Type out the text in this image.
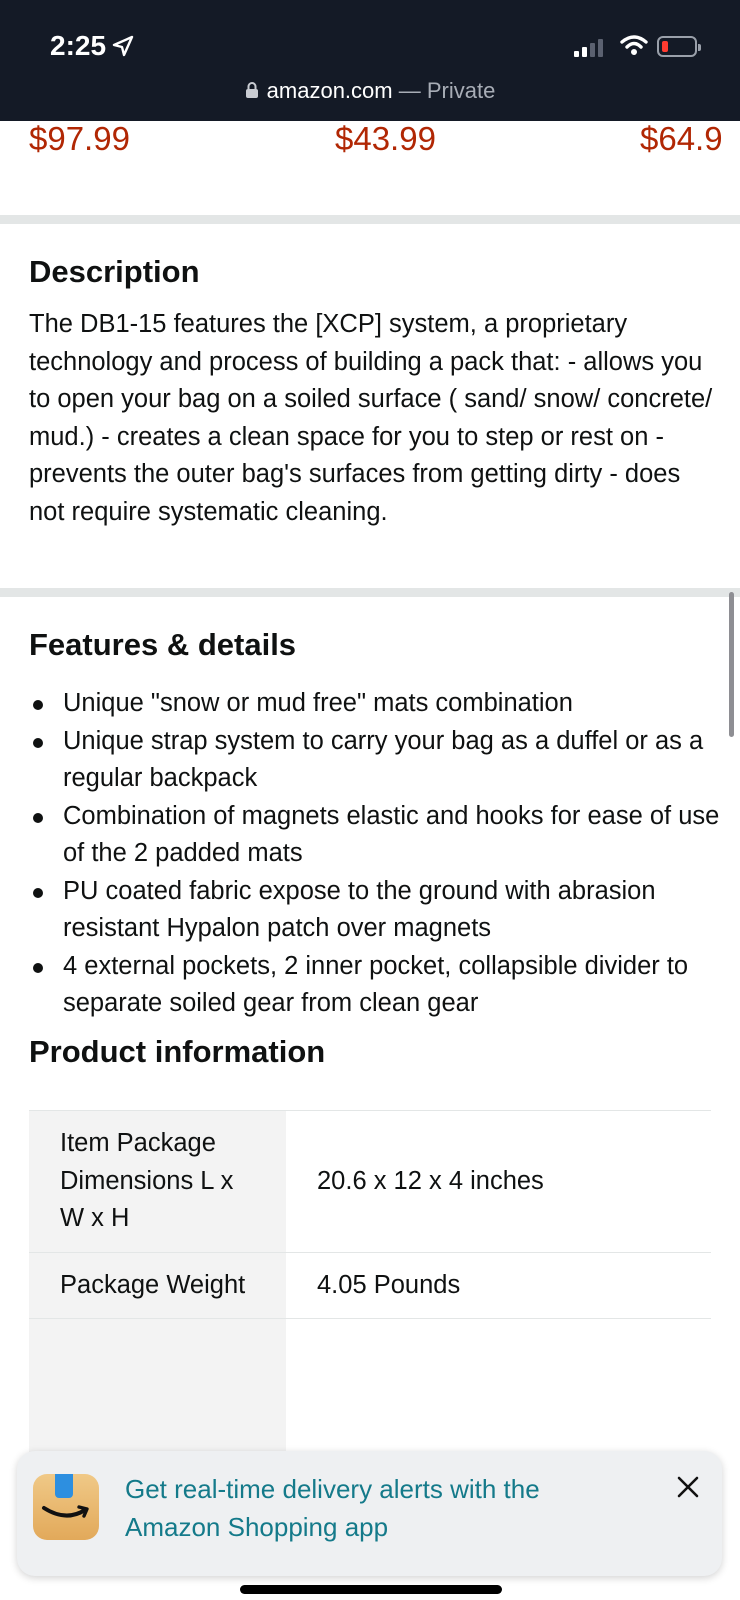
2:25
amazon.com — Private
$97.99	$43.99	$64.9
Description
The DB1-15 features the [XCP] system, a proprietary technology and process of building a pack that: - allows you to open your bag on a soiled surface ( sand/ snow/ concrete/ mud.) - creates a clean space for you to step or rest on - prevents the outer bag's surfaces from getting dirty - does not require systematic cleaning.
Features & details
Unique "snow or mud free" mats combination
Unique strap system to carry your bag as a duffel or as a regular backpack
Combination of magnets elastic and hooks for ease of use of the 2 padded mats
PU coated fabric expose to the ground with abrasion resistant Hypalon patch over magnets
4 external pockets, 2 inner pocket, collapsible divider to separate soiled gear from clean gear
Product information
Item Package Dimensions L x W x H	20.6 x 12 x 4 inches
Package Weight	4.05 Pounds

Get real-time delivery alerts with the Amazon Shopping app
